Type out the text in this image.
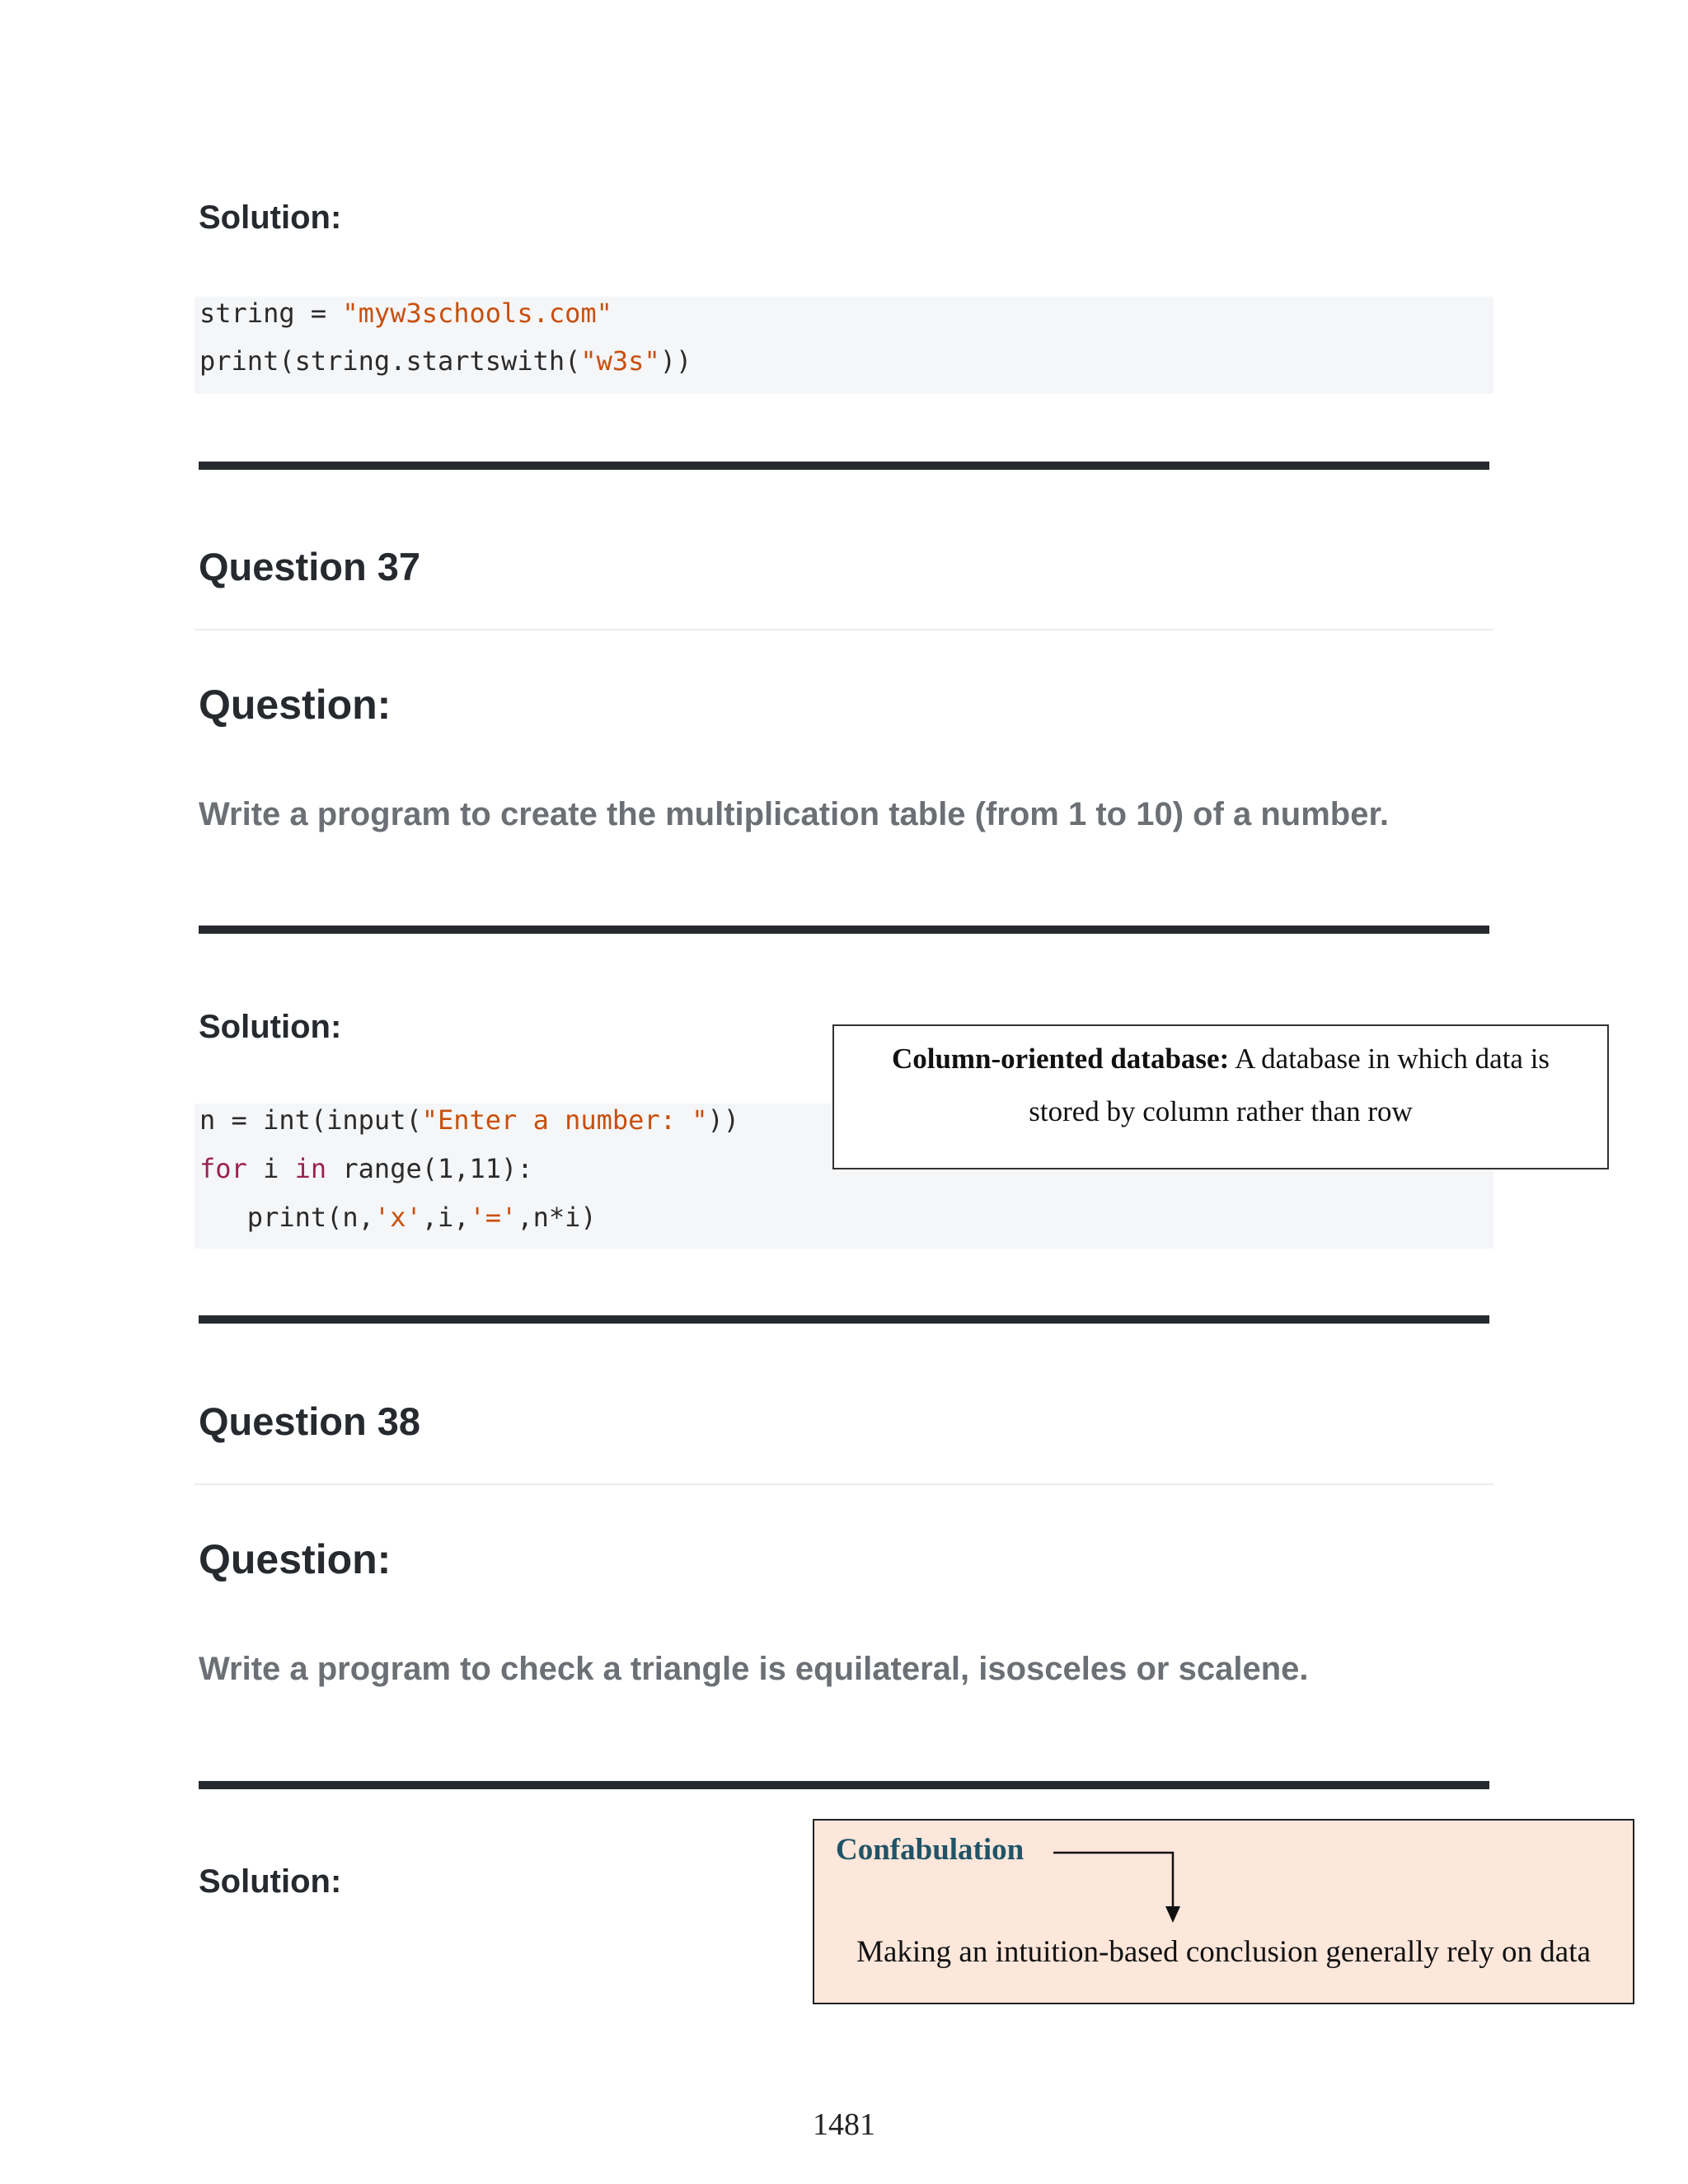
Solution:
string = "myw3schools.com"
print(string.startswith("w3s"))
Question 37
Question:
Write a program to create the multiplication table (from 1 to 10) of a number.
Solution:
n = int(input("Enter a number: "))
for i in range(1,11):
print(n,'x',i,'=',n*i)
Column-oriented database: A database in which data is
stored by column rather than row
Question 38
Question:
Write a program to check a triangle is equilateral, isosceles or scalene.
Solution:
Confabulation
Making an intuition-based conclusion generally rely on data
1481
